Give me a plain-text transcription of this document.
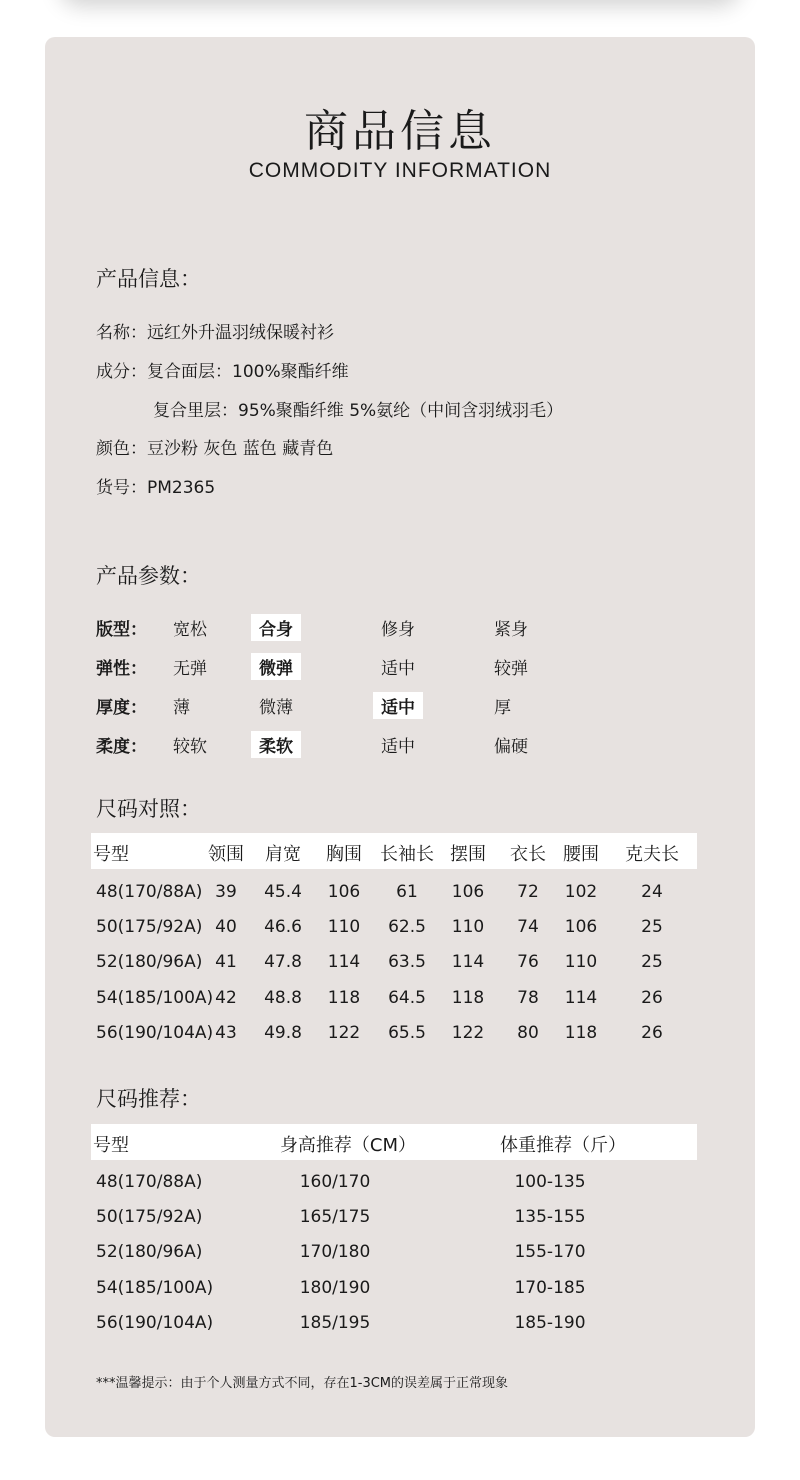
商品信息
COMMODITY INFORMATION
产品信息：
名称：远红外升温羽绒保暖衬衫
成分：复合面层：100%聚酯纤维
复合里层：95%聚酯纤维 5%氨纶（中间含羽绒羽毛）
颜色：豆沙粉 灰色 蓝色 藏青色
货号：PM2365
产品参数：
版型： 宽松	合身	修身	紧身
弹性： 无弹	微弹	适中	较弹
厚度： 薄	微薄	适中	厚
柔度： 较软	柔软	适中	偏硬
尺码对照：
号型	领围	肩宽	胸围	长袖长 摆围	衣长 腰围	克夫长
48(170/88A) 39	45.4	106	61	106	72	102	24
50(175/92A) 40	46.6	110	62.5	110	74	106	25
52(180/96A) 41	47.8	114	63.5	114	76	110	25
54(185/100A) 42	48.8	118	64.5	118	78	114	26
56(190/104A) 43	49.8	122	65.5	122	80	118	26
尺码推荐：
号型	身高推荐（CM）	体重推荐（斤）
48(170/88A)	160/170	100-135
50(175/92A)	165/175	135-155
52(180/96A)	170/180	155-170
54(185/100A)	180/190	170-185
56(190/104A)	185/195	185-190
***温馨提示：由于个人测量方式不同，存在1-3CM的误差属于正常现象
